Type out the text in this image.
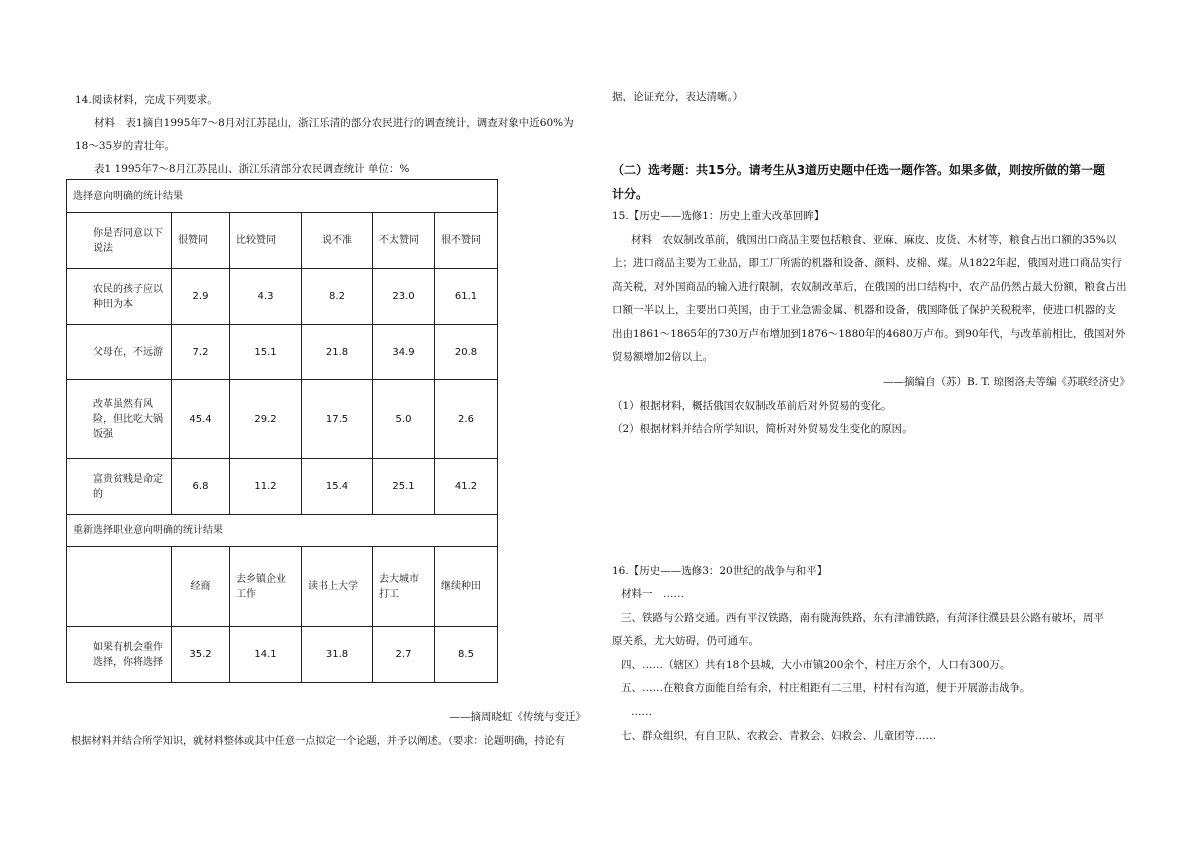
14.阅读材料，完成下列要求。

材料　表1摘自1995年7～8月对江苏昆山，浙江乐清的部分农民进行的调查统计，调查对象中近60%为

18～35岁的青壮年。

表1 1995年7～8月江苏昆山、浙江乐清部分农民调查统计 单位：%

选择意向明确的统计结果					
你是否同意以下说法	很赞同	比较赞同	说不准	不太赞同	很不赞同
农民的孩子应以种田为本	2.9	4.3	8.2	23.0	61.1
父母在，不远游	7.2	15.1	21.8	34.9	20.8
改革虽然有风险，但比吃大锅饭强	45.4	29.2	17.5	5.0	2.6
富贵贫贱是命定的	6.8	11.2	15.4	25.1	41.2
重新选择职业意向明确的统计结果					
	经商	去乡镇企业工作	读书上大学	去大城市打工	继续种田
如果有机会重作选择，你将选择	35.2	14.1	31.8	2.7	8.5

——摘周晓虹《传统与变迁》

根据材料并结合所学知识，就材料整体或其中任意一点拟定一个论题，并予以阐述。（要求：论题明确，持论有

据，论证充分，表达清晰。）

（二）选考题：共15分。请考生从3道历史题中任选一题作答。如果多做，则按所做的第一题

计分。

15.【历史——选修1：历史上重大改革回眸】

材料　农奴制改革前，俄国出口商品主要包括粮食、亚麻、麻皮、皮货、木材等，粮食占出口额的35%以

上；进口商品主要为工业品，即工厂所需的机器和设备、颜料、皮棉、煤。从1822年起，俄国对进口商品实行

高关税，对外国商品的输入进行限制，农奴制改革后，在俄国的出口结构中，农产品仍然占最大份额，粮食占出

口额一半以上，主要出口英国，由于工业急需金属、机器和设备，俄国降低了保护关税税率，使进口机器的支

出由1861～1865年的730万卢布增加到1876～1880年的4680万卢布。到90年代，与改革前相比，俄国对外

贸易额增加2倍以上。

——摘编自（苏）B. T. 琼图洛夫等编《苏联经济史》

（1）根据材料，概括俄国农奴制改革前后对外贸易的变化。

（2）根据材料并结合所学知识，简析对外贸易发生变化的原因。

16.【历史——选修3：20世纪的战争与和平】

材料一　……

三、铁路与公路交通。西有平汉铁路，南有陇海铁路，东有津浦铁路，有菏泽往濮县县公路有破坏，周平

原关系，尤大妨碍，仍可通车。

四、……（辖区）共有18个县城，大小市镇200余个，村庄万余个，人口有300万。

五、……在粮食方面能自给有余，村庄相距有二三里，村村有沟道，便于开展游击战争。

……

七、群众组织，有自卫队、农救会、青救会、妇救会、儿童团等……
